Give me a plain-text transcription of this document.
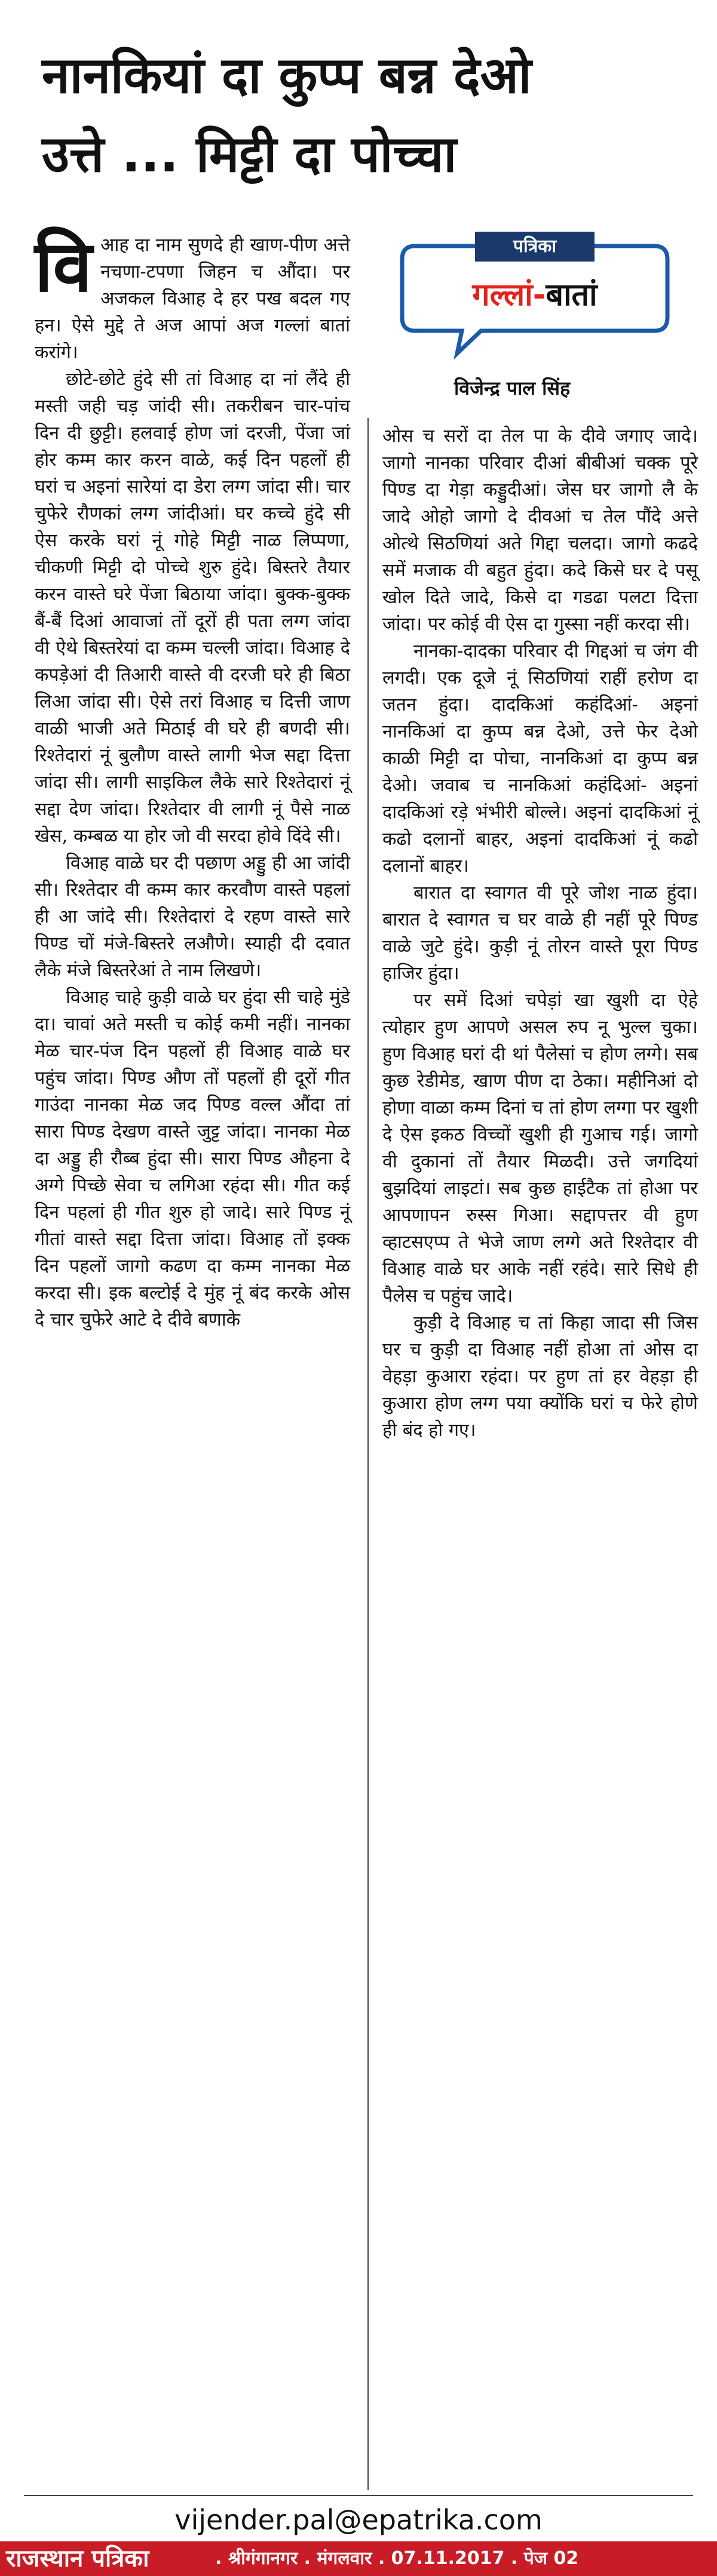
नानकियां दा कुप्प बन्न देओ
उत्ते ... मिट्टी दा पोच्चा
पत्रिका
गल्लां-बातां
विजेन्द्र पाल सिंह

विआह दा नाम सुणदे ही खाण-पीण अत्ते नचणा-टपणा जिहन च औंदा। पर अजकल विआह दे हर पख बदल गए हन। ऐसे मुद्दे ते अज आपां अज गल्लां बातां करांगे।

छोटे-छोटे हुंदे सी तां विआह दा नां लैंदे ही मस्ती जही चड़ जांदी सी। तकरीबन चार-पांच दिन दी छुट्टी। हलवाई होण जां दरजी, पेंजा जां होर कम्म कार करन वाळे, कई दिन पहलों ही घरां च अइनां सारेयां दा डेरा लग्ग जांदा सी। चार चुफेरे रौणकां लग्ग जांदीआं। घर कच्चे हुंदे सी ऐस करके घरां नूं गोहे मिट्टी नाळ लिप्पणा, चीकणी मिट्टी दो पोच्चे शुरु हुंदे। बिस्तरे तैयार करन वास्ते घरे पेंजा बिठाया जांदा। बुक्क-बुक्क बैं-बैं दिआं आवाजां तों दूरों ही पता लग्ग जांदा वी ऐथे बिस्तरेयां दा कम्म चल्ली जांदा। विआह दे कपड़ेआं दी तिआरी वास्ते वी दरजी घरे ही बिठा लिआ जांदा सी। ऐसे तरां विआह च दित्ती जाण वाळी भाजी अते मिठाई वी घरे ही बणदी सी। रिश्तेदारां नूं बुलौण वास्ते लागी भेज सद्दा दित्ता जांदा सी। लागी साइकिल लैके सारे रिश्तेदारां नूं सद्दा देण जांदा। रिश्तेदार वी लागी नूं पैसे नाळ खेस, कम्बळ या होर जो वी सरदा होवे दिंदे सी।

विआह वाळे घर दी पछाण अड्डु ही आ जांदी सी। रिश्तेदार वी कम्म कार करवौण वास्ते पहलां ही आ जांदे सी। रिश्तेदारां दे रहण वास्ते सारे पिण्ड चों मंजे-बिस्तरे लऔणे। स्याही दी दवात लैके मंजे बिस्तरेआं ते नाम लिखणे।

विआह चाहे कुड़ी वाळे घर हुंदा सी चाहे मुंडे दा। चावां अते मस्ती च कोई कमी नहीं। नानका मेळ चार-पंज दिन पहलों ही विआह वाळे घर पहुंच जांदा। पिण्ड औण तों पहलों ही दूरों गीत गाउंदा नानका मेळ जद पिण्ड वल्ल औंदा तां सारा पिण्ड देखण वास्ते जुट्ट जांदा। नानका मेळ दा अड्डु ही रौब्ब हुंदा सी। सारा पिण्ड औहना दे अग्गे पिच्छे सेवा च लगिआ रहंदा सी। गीत कई दिन पहलां ही गीत शुरु हो जादे। सारे पिण्ड नूं गीतां वास्ते सद्दा दित्ता जांदा। विआह तों इक्क दिन पहलों जागो कढण दा कम्म नानका मेळ करदा सी। इक बल्टोई दे मुंह नूं बंद करके ओस दे चार चुफेरे आटे दे दीवे बणाके

ओस च सरों दा तेल पा के दीवे जगाए जादे। जागो नानका परिवार दीआं बीबीआं चक्क पूरे पिण्ड दा गेड़ा कड्डुदीआं। जेस घर जागो लै के जादे ओहो जागो दे दीवआं च तेल पौंदे अत्ते ओत्थे सिठणियां अते गिद्दा चलदा। जागो कढदे समें मजाक वी बहुत हुंदा। कदे किसे घर दे पसू खोल दिते जादे, किसे दा गडढा पलटा दित्ता जांदा। पर कोई वी ऐस दा गुस्सा नहीं करदा सी।

नानका-दादका परिवार दी गिद्दआं च जंग वी लगदी। एक दूजे नूं सिठणियां राहीं हरोण दा जतन हुंदा। दादकिआं कहंदिआं- अइनां नानकिआं दा कुप्प बन्न देओ, उत्ते फेर देओ काळी मिट्टी दा पोचा, नानकिआं दा कुप्प बन्न देओ। जवाब च नानकिआं कहंदिआं- अइनां दादकिआं रड़े भंभीरी बोल्ले। अइनां दादकिआं नूं कढो दलानों बाहर, अइनां दादकिआं नूं कढो दलानों बाहर।

बारात दा स्वागत वी पूरे जोश नाळ हुंदा। बारात दे स्वागत च घर वाळे ही नहीं पूरे पिण्ड वाळे जुटे हुंदे। कुड़ी नूं तोरन वास्ते पूरा पिण्ड हाजिर हुंदा।

पर समें दिआं चपेड़ां खा खुशी दा ऐहे त्योहार हुण आपणे असल रुप नू भुल्ल चुका। हुण विआह घरां दी थां पैलेसां च होण लग्गे। सब कुछ रेडीमेड, खाण पीण दा ठेका। महीनिआं दो होणा वाळा कम्म दिनां च तां होण लग्गा पर खुशी दे ऐस इकठ विच्चों खुशी ही गुआच गई। जागो वी दुकानां तों तैयार मिळदी। उत्ते जगदियां बुझदियां लाइटां। सब कुछ हाईटैक तां होआ पर आपणापन रुस्स गिआ। सद्दापत्तर वी हुण व्हाटसएप्प ते भेजे जाण लग्गे अते रिश्तेदार वी विआह वाळे घर आके नहीं रहंदे। सारे सिधे ही पैलेस च पहुंच जादे।

कुड़ी दे विआह च तां किहा जादा सी जिस घर च कुड़ी दा विआह नहीं होआ तां ओस दा वेहड़ा कुआरा रहंदा। पर हुण तां हर वेहड़ा ही कुआरा होण लग्ग पया क्योंकि घरां च फेरे होणे ही बंद हो गए।

vijender.pal@epatrika.com
राजस्थान पत्रिका	. श्रीगंगानगर . मंगलवार . 07.11.2017 . पेज 02
